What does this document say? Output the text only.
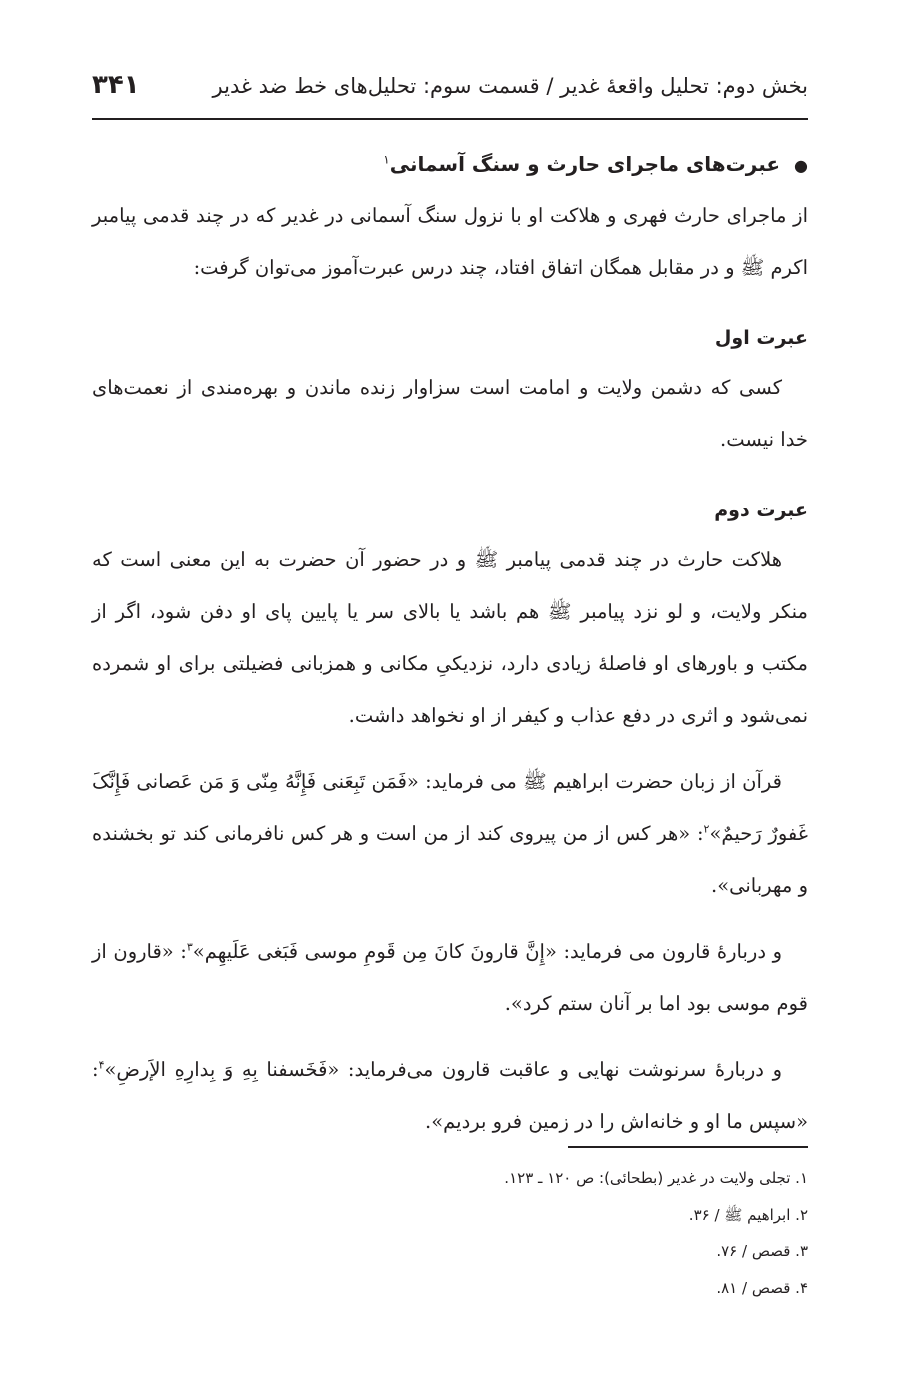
بخش دوم: تحلیل واقعهٔ غدیر / قسمت سوم: تحلیل‌های خط ضد غدیر
۳۴۱
●عبرت‌های ماجرای حارث و سنگ آسمانی$^۱$

از ماجرای حارث فهری و هلاکت او با نزول سنگ آسمانی در غدیر که در چند قدمی پیامبر اکرم ﷺ و در مقابل همگان اتفاق افتاد، چند درس عبرت‌آموز می‌توان گرفت:

عبرت اول

کسی که دشمن ولایت و امامت است سزاوار زنده ماندن و بهره‌مندی از نعمت‌های خدا نیست.

عبرت دوم

هلاکت حارث در چند قدمی پیامبر ﷺ و در حضور آن حضرت به این معنی است که منکر ولایت، و لو نزد پیامبر ﷺ هم باشد یا بالای سر یا پایین پای او دفن شود، اگر از مکتب و باورهای او فاصلهٔ زیادی دارد، نزدیکیِ مکانی و همزبانی فضیلتی برای او شمرده نمی‌شود و اثری در دفع عذاب و کیفر از او نخواهد داشت.

قرآن از زبان حضرت ابراهیم ﷺ می فرماید: «فَمَن تَبِعَنی فَإِنَّهُ مِنّی وَ مَن عَصانی فَإِنَّکَ غَفورٌ رَحیمٌ»$^۲$: «هر کس از من پیروی کند از من است و هر کس نافرمانی کند تو بخشنده و مهربانی».

و دربارهٔ قارون می فرماید: «إِنَّ قارونَ کانَ مِن قَومِ موسی فَبَغی عَلَیهِم»$^۳$: «قارون از قوم موسی بود اما بر آنان ستم کرد».

و دربارهٔ سرنوشت نهایی و عاقبت قارون می‌فرماید: «فَخَسفنا بِهِ وَ بِدارِهِ الإَرضِ»$^۴$: «سپس ما او و خانه‌اش را در زمین فرو بردیم».

۱. تجلی ولایت در غدیر (بطحائی): ص ۱۲۰ ـ ۱۲۳.
۲. ابراهیم ﷺ / ۳۶.
۳. قصص / ۷۶.
۴. قصص / ۸۱.
